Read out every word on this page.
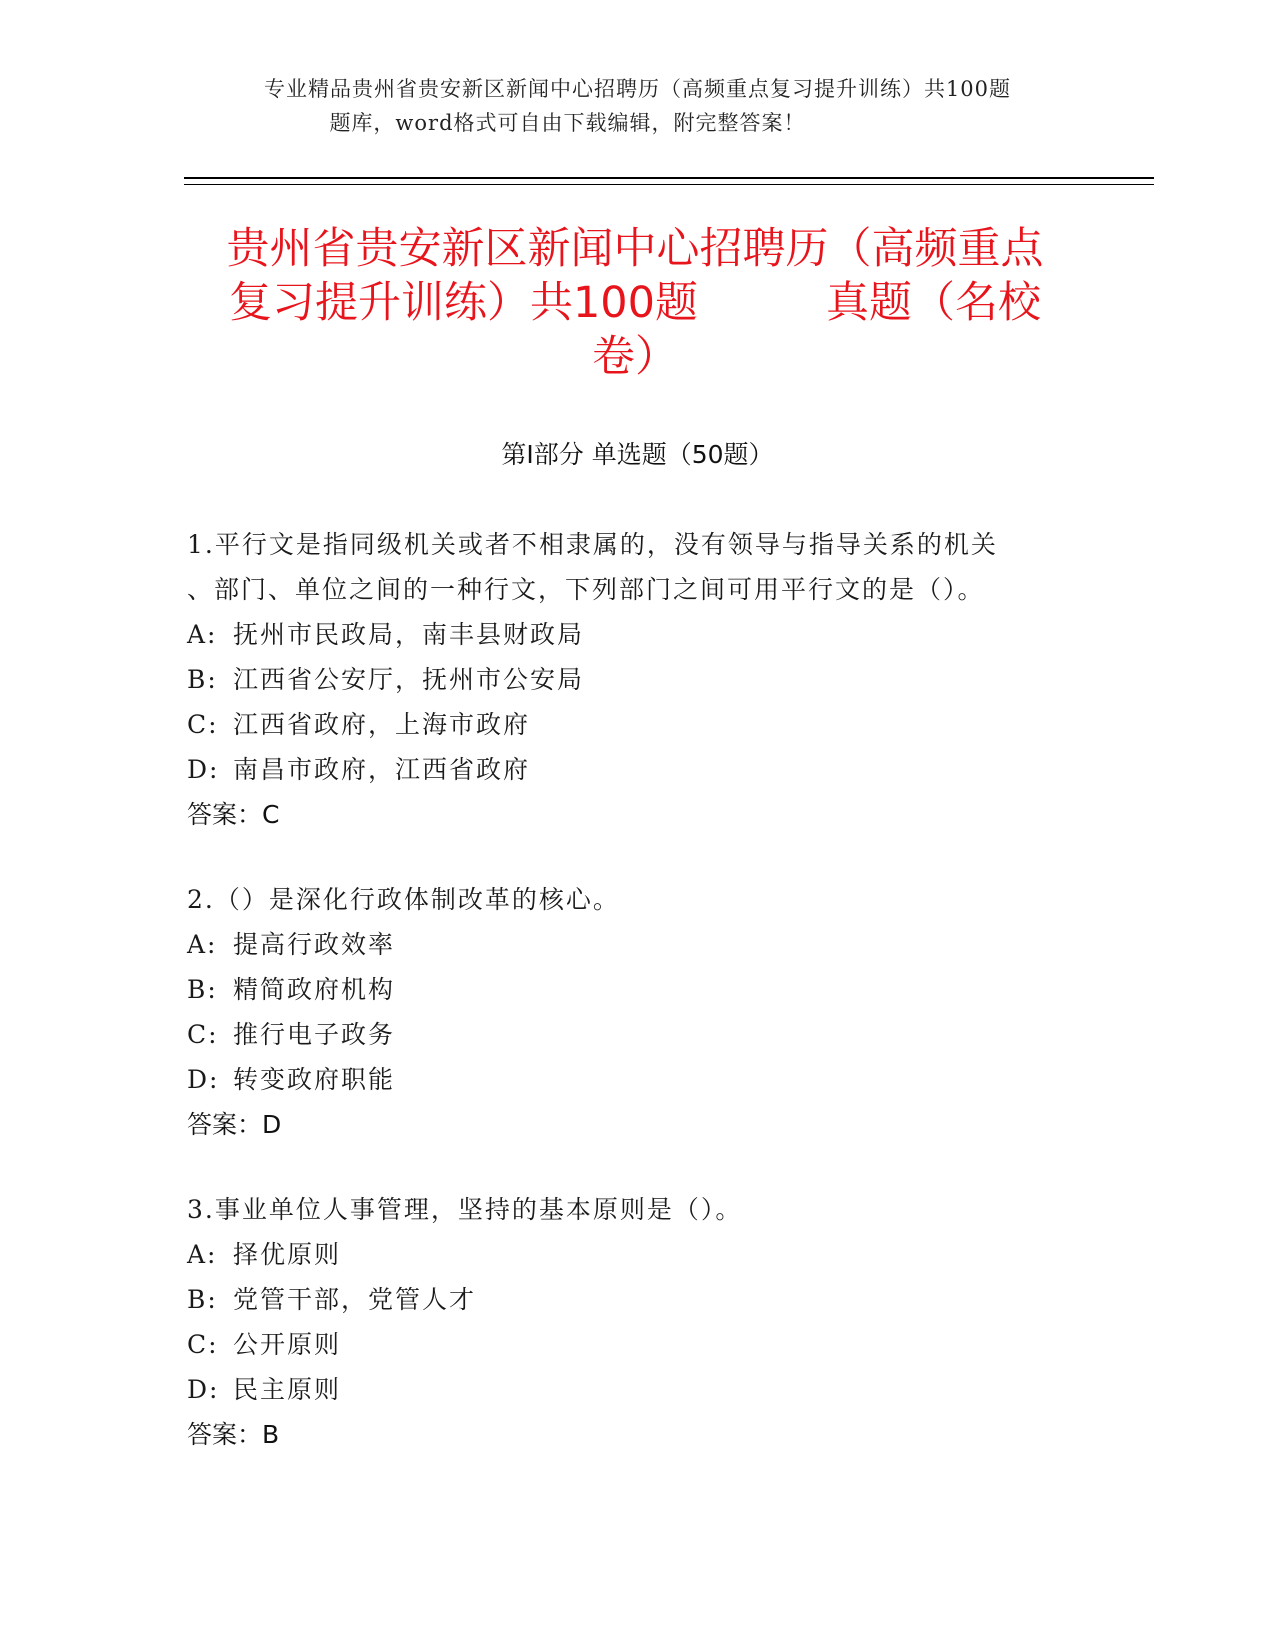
专业精品贵州省贵安新区新闻中心招聘历（高频重点复习提升训练）共100题
题库，word格式可自由下载编辑，附完整答案！
贵州省贵安新区新闻中心招聘历（高频重点
复习提升训练）共100题	真题（名校
卷）
第Ⅰ部分 单选题（50题）
1.平行文是指同级机关或者不相隶属的，没有领导与指导关系的机关
、部门、单位之间的一种行文，下列部门之间可用平行文的是（）。
A: 抚州市民政局，南丰县财政局
B: 江西省公安厅，抚州市公安局
C: 江西省政府，上海市政府
D: 南昌市政府，江西省政府
答案：C
2.（）是深化行政体制改革的核心。
A: 提高行政效率
B: 精简政府机构
C: 推行电子政务
D: 转变政府职能
答案：D
3.事业单位人事管理，坚持的基本原则是（）。
A: 择优原则
B: 党管干部，党管人才
C: 公开原则
D: 民主原则
答案：B
